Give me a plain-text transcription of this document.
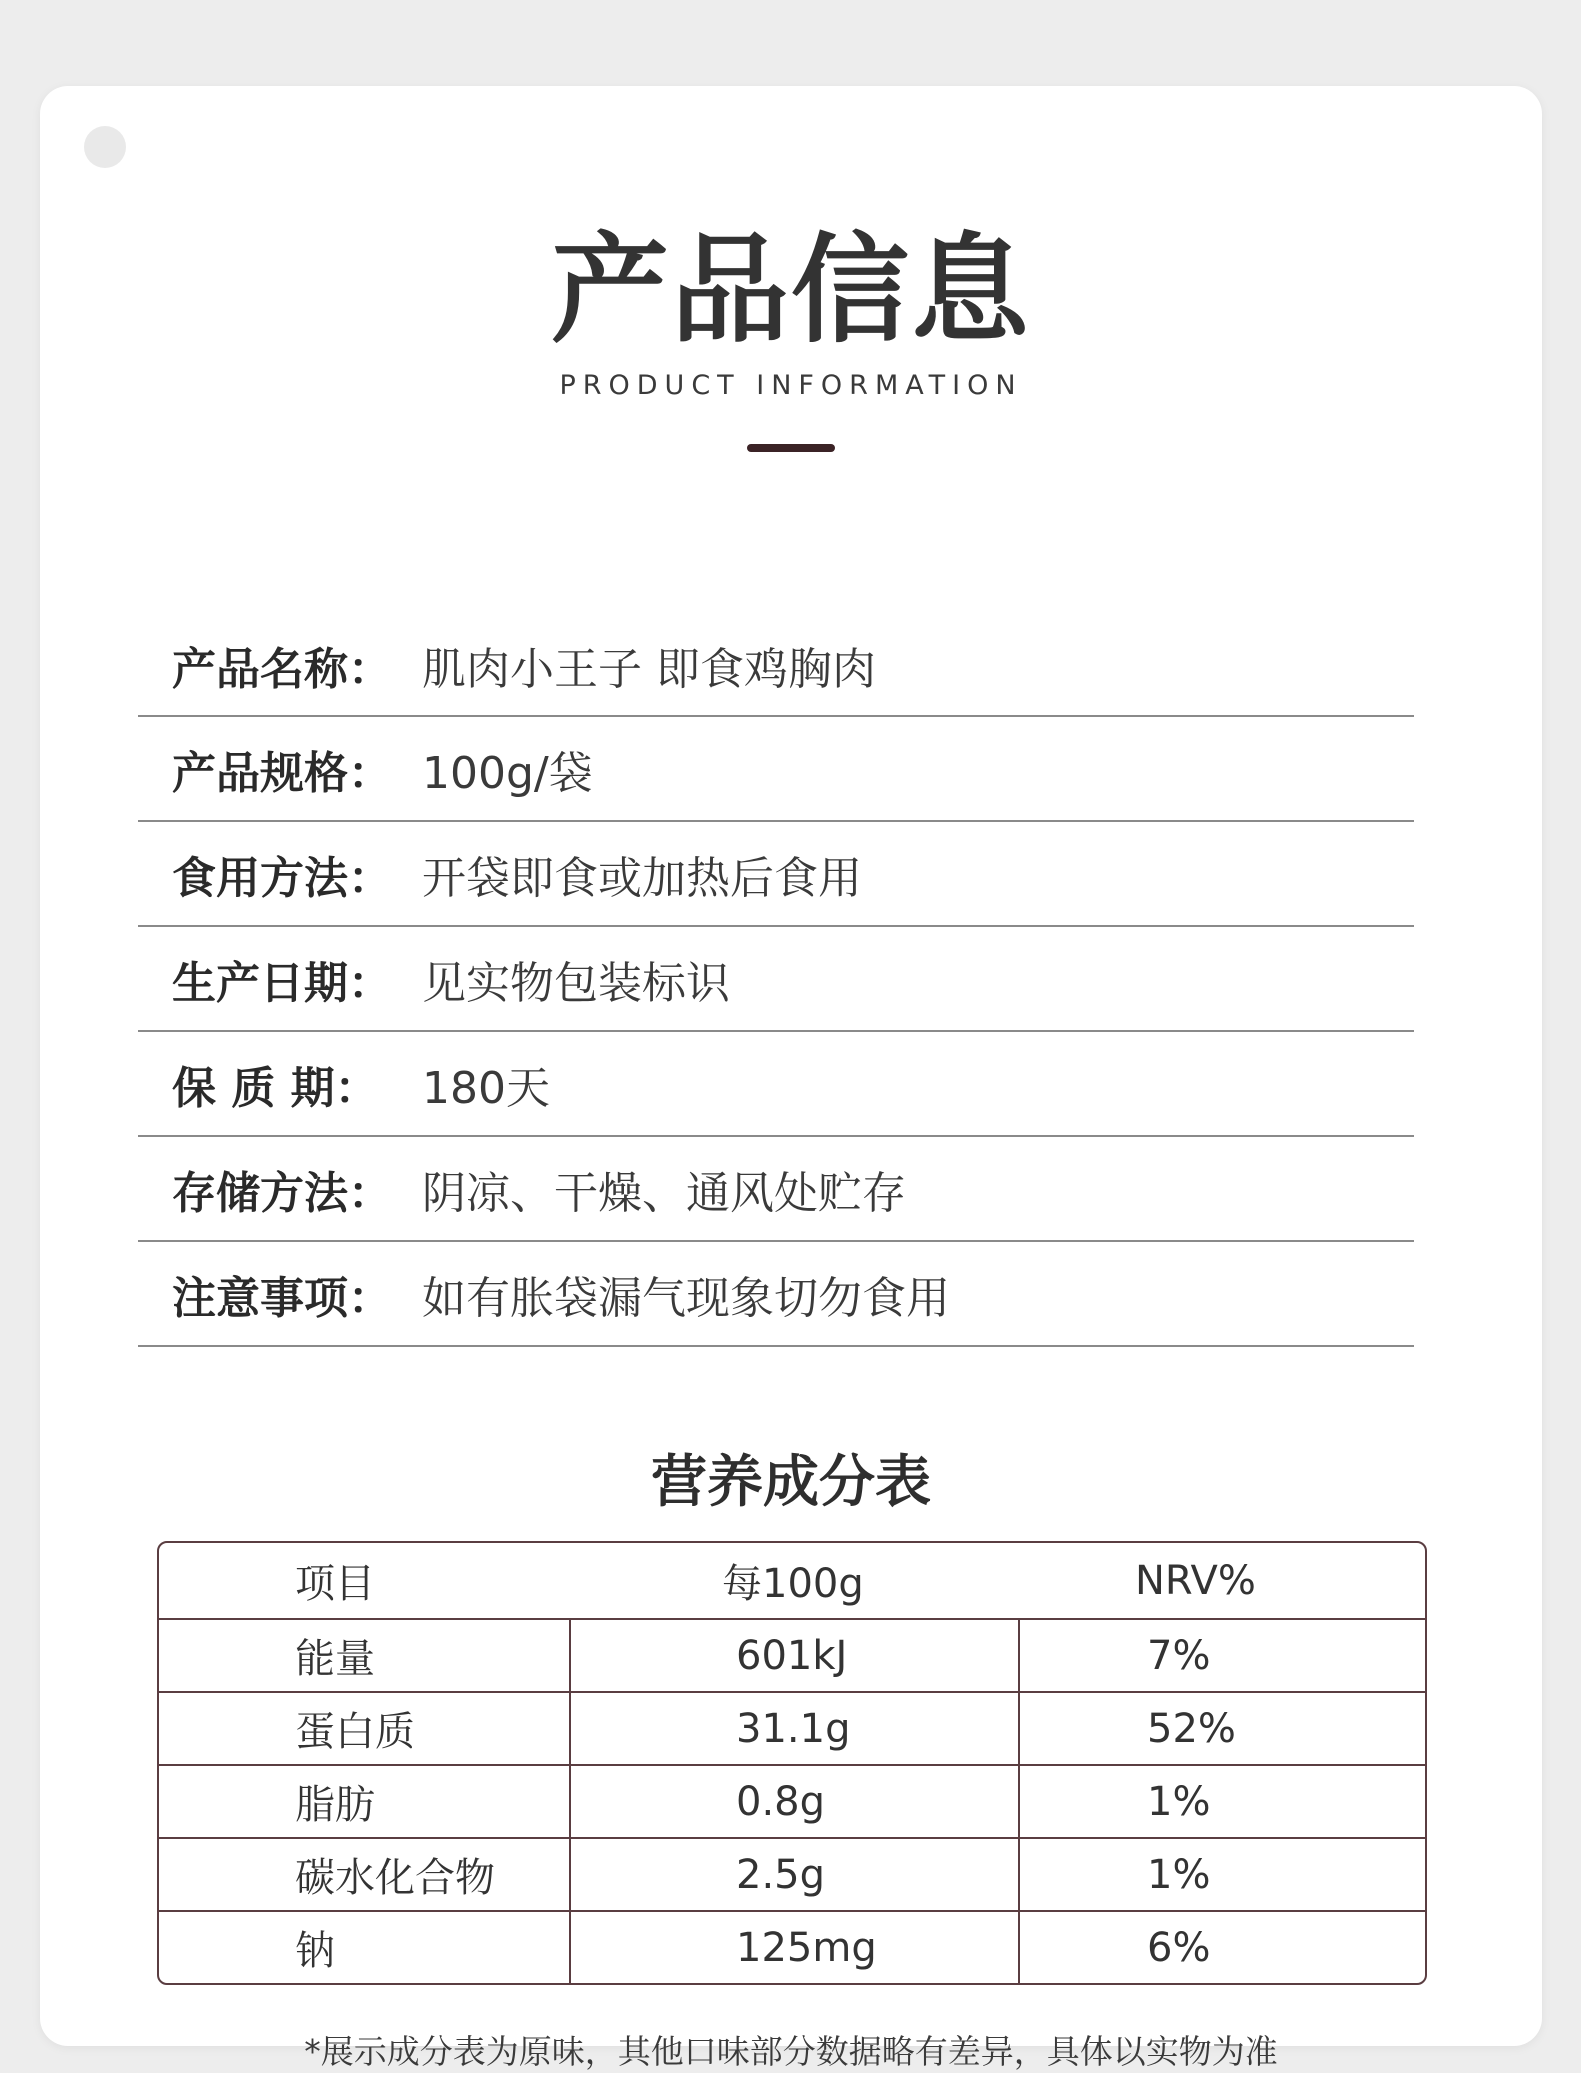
产品信息
PRODUCT INFORMATION
产品名称： 肌肉小王子 即食鸡胸肉
产品规格： 100g/袋
食用方法： 开袋即食或加热后食用
生产日期： 见实物包装标识
保 质 期： 180天
存储方法： 阴凉、干燥、通风处贮存
注意事项： 如有胀袋漏气现象切勿食用
营养成分表
项目	每100g	NRV%
能量	601kJ	7%
蛋白质	31.1g	52%
脂肪	0.8g	1%
碳水化合物	2.5g	1%
钠	125mg	6%
*展示成分表为原味，其他口味部分数据略有差异，具体以实物为准
